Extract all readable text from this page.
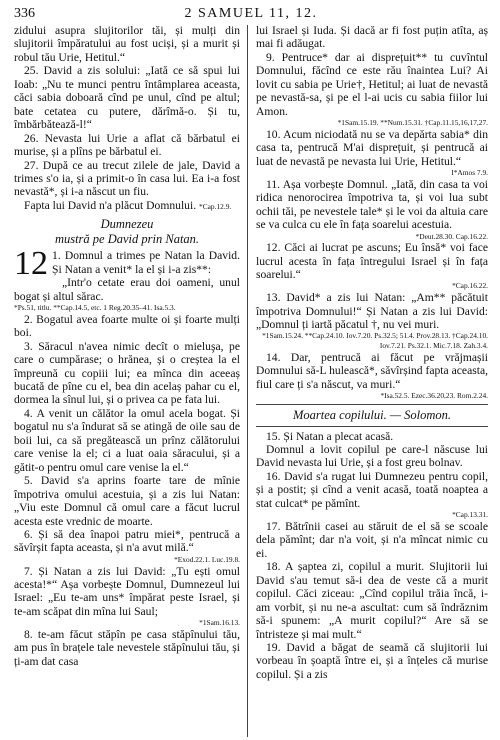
336	2 SAMUEL 11, 12.

zidului asupra slujitorilor tăi, și mulți din slujitorii împăratului au fost uciși, și a murit și robul tău Urie, Hetitul.“

25. David a zis solului: „Iată ce să spui lui Ioab: „Nu te munci pentru întâmplarea aceasta, căci sabia doboară cînd pe unul, cînd pe altul; bate cetatea cu putere, dărîmă-o. Și tu, îmbărbătează-l!“

26. Nevasta lui Urie a aflat că bărbatul ei murise, și a plîns pe bărbatul ei.

27. După ce au trecut zilele de jale, David a trimes s'o ia, și a primit-o în casa lui. Ea i-a fost nevastă*, și i-a născut un fiu.

Fapta lui David n'a plăcut Domnului. *Cap.12.9.

Dumnezeu

mustră pe David prin Natan.

12 1. Domnul a trimes pe Natan la David. Și Natan a venit* la el și i-a zis**:

„Intr'o cetate erau doi oameni, unul bogat și altul sărac.

*Ps.51, titlu. **Cap.14.5, etc. 1 Reg.20.35–41. Isa.5.3.

2. Bogatul avea foarte multe oi și foarte mulți boi.

3. Săracul n'avea nimic decît o mieluşa, pe care o cumpărase; o hrănea, și o creștea la el împreună cu copiii lui; ea mînca din aceeaș bucată de pîne cu el, bea din acelaș pahar cu el, dormea la sînul lui, și o privea ca pe fata lui.

4. A venit un călător la omul acela bogat. Și bogatul nu s'a îndurat să se atingă de oile sau de boii lui, ca să pregătească un prînz călătorului care venise la el; ci a luat oaia săracului, și a gătit-o pentru omul care venise la el.“

5. David s'a aprins foarte tare de mînie împotriva omului acestuia, și a zis lui Natan: „Viu este Domnul că omul care a făcut lucrul acesta este vrednic de moarte.

6. Și să dea înapoi patru miei*, pentrucă a săvîrșit fapta aceasta, și n'a avut milă.“

*Exod.22.1. Luc.19.8.

7. Și Natan a zis lui David: „Tu ești omul acesta!*“ Așa vorbește Domnul, Dumnezeul lui Israel: „Eu te-am uns* împărat peste Israel, și te-am scăpat din mîna lui Saul;

*1Sam.16.13.

8. te-am făcut stăpîn pe casa stăpînului tău, am pus în brațele tale nevestele stăpînului tău, și ți-am dat casa

lui Israel și Iuda. Și dacă ar fi fost puțin atîta, aș mai fi adăugat.

9. Pentruce* dar ai disprețuit** tu cuvîntul Domnului, făcînd ce este rău înaintea Lui? Ai lovit cu sabia pe Urie†, Hetitul; ai luat de nevastă pe nevastă-sa, și pe el l-ai ucis cu sabia fiilor lui Amon.

*1Sam.15.19. **Num.15.31. †Cap.11.15,16,17,27.

10. Acum niciodată nu se va depărta sabia* din casa ta, pentrucă M'ai disprețuit, și pentrucă ai luat de nevastă pe nevasta lui Urie, Hetitul.“

I*Amos 7.9.

11. Așa vorbește Domnul. „Iată, din casa ta voi ridica nenorocirea împotriva ta, și voi lua subt ochii tăi, pe nevestele tale* și le voi da altuia care se va culca cu ele în fața soarelui acestuia.

*Deut.28.30. Cap.16.22.

12. Căci ai lucrat pe ascuns; Eu însă* voi face lucrul acesta în fața întregului Israel și în fața soarelui.“

*Cap.16.22.

13. David* a zis lui Natan: „Am** păcătuit împotriva Domnului!“ Și Natan a zis lui David: „Domnul ți iartă păcatul †, nu vei muri.

*1Sam.15.24. **Cap.24.10. Iov.7.20. Ps.32.5; 51.4. Prov.28.13. †Cap.24.10. Iov.7.21. Ps.32.1. Mic.7.18. Zah.3.4.

14. Dar, pentrucă ai făcut pe vrăjmașii Domnului să-L hulească*, săvîrșind fapta aceasta, fiul care ți s'a născut, va muri.“

*Isa.52.5. Ezec.36.20,23. Rom.2.24.

Moartea copilului. — Solomon.

15. Și Natan a plecat acasă.

Domnul a lovit copilul pe care-l născuse lui David nevasta lui Urie, și a fost greu bolnav.

16. David s'a rugat lui Dumnezeu pentru copil, și a postit; și cînd a venit acasă, toată noaptea a stat culcat* pe pămînt.

*Cap.13.31.

17. Bătrînii casei au stăruit de el să se scoale dela pămînt; dar n'a voit, și n'a mîncat nimic cu ei.

18. A șaptea zi, copilul a murit. Slujitorii lui David s'au temut să-i dea de veste că a murit copilul. Căci ziceau: „Cînd copilul trăia încă, i-am vorbit, și nu ne-a ascultat: cum să îndrăznim să-i spunem: „A murit copilul?“ Are să se întristeze și mai mult.“

19. David a băgat de seamă că slujitorii lui vorbeau în șoaptă între ei, și a înțeles că murise copilul. Și a zis
